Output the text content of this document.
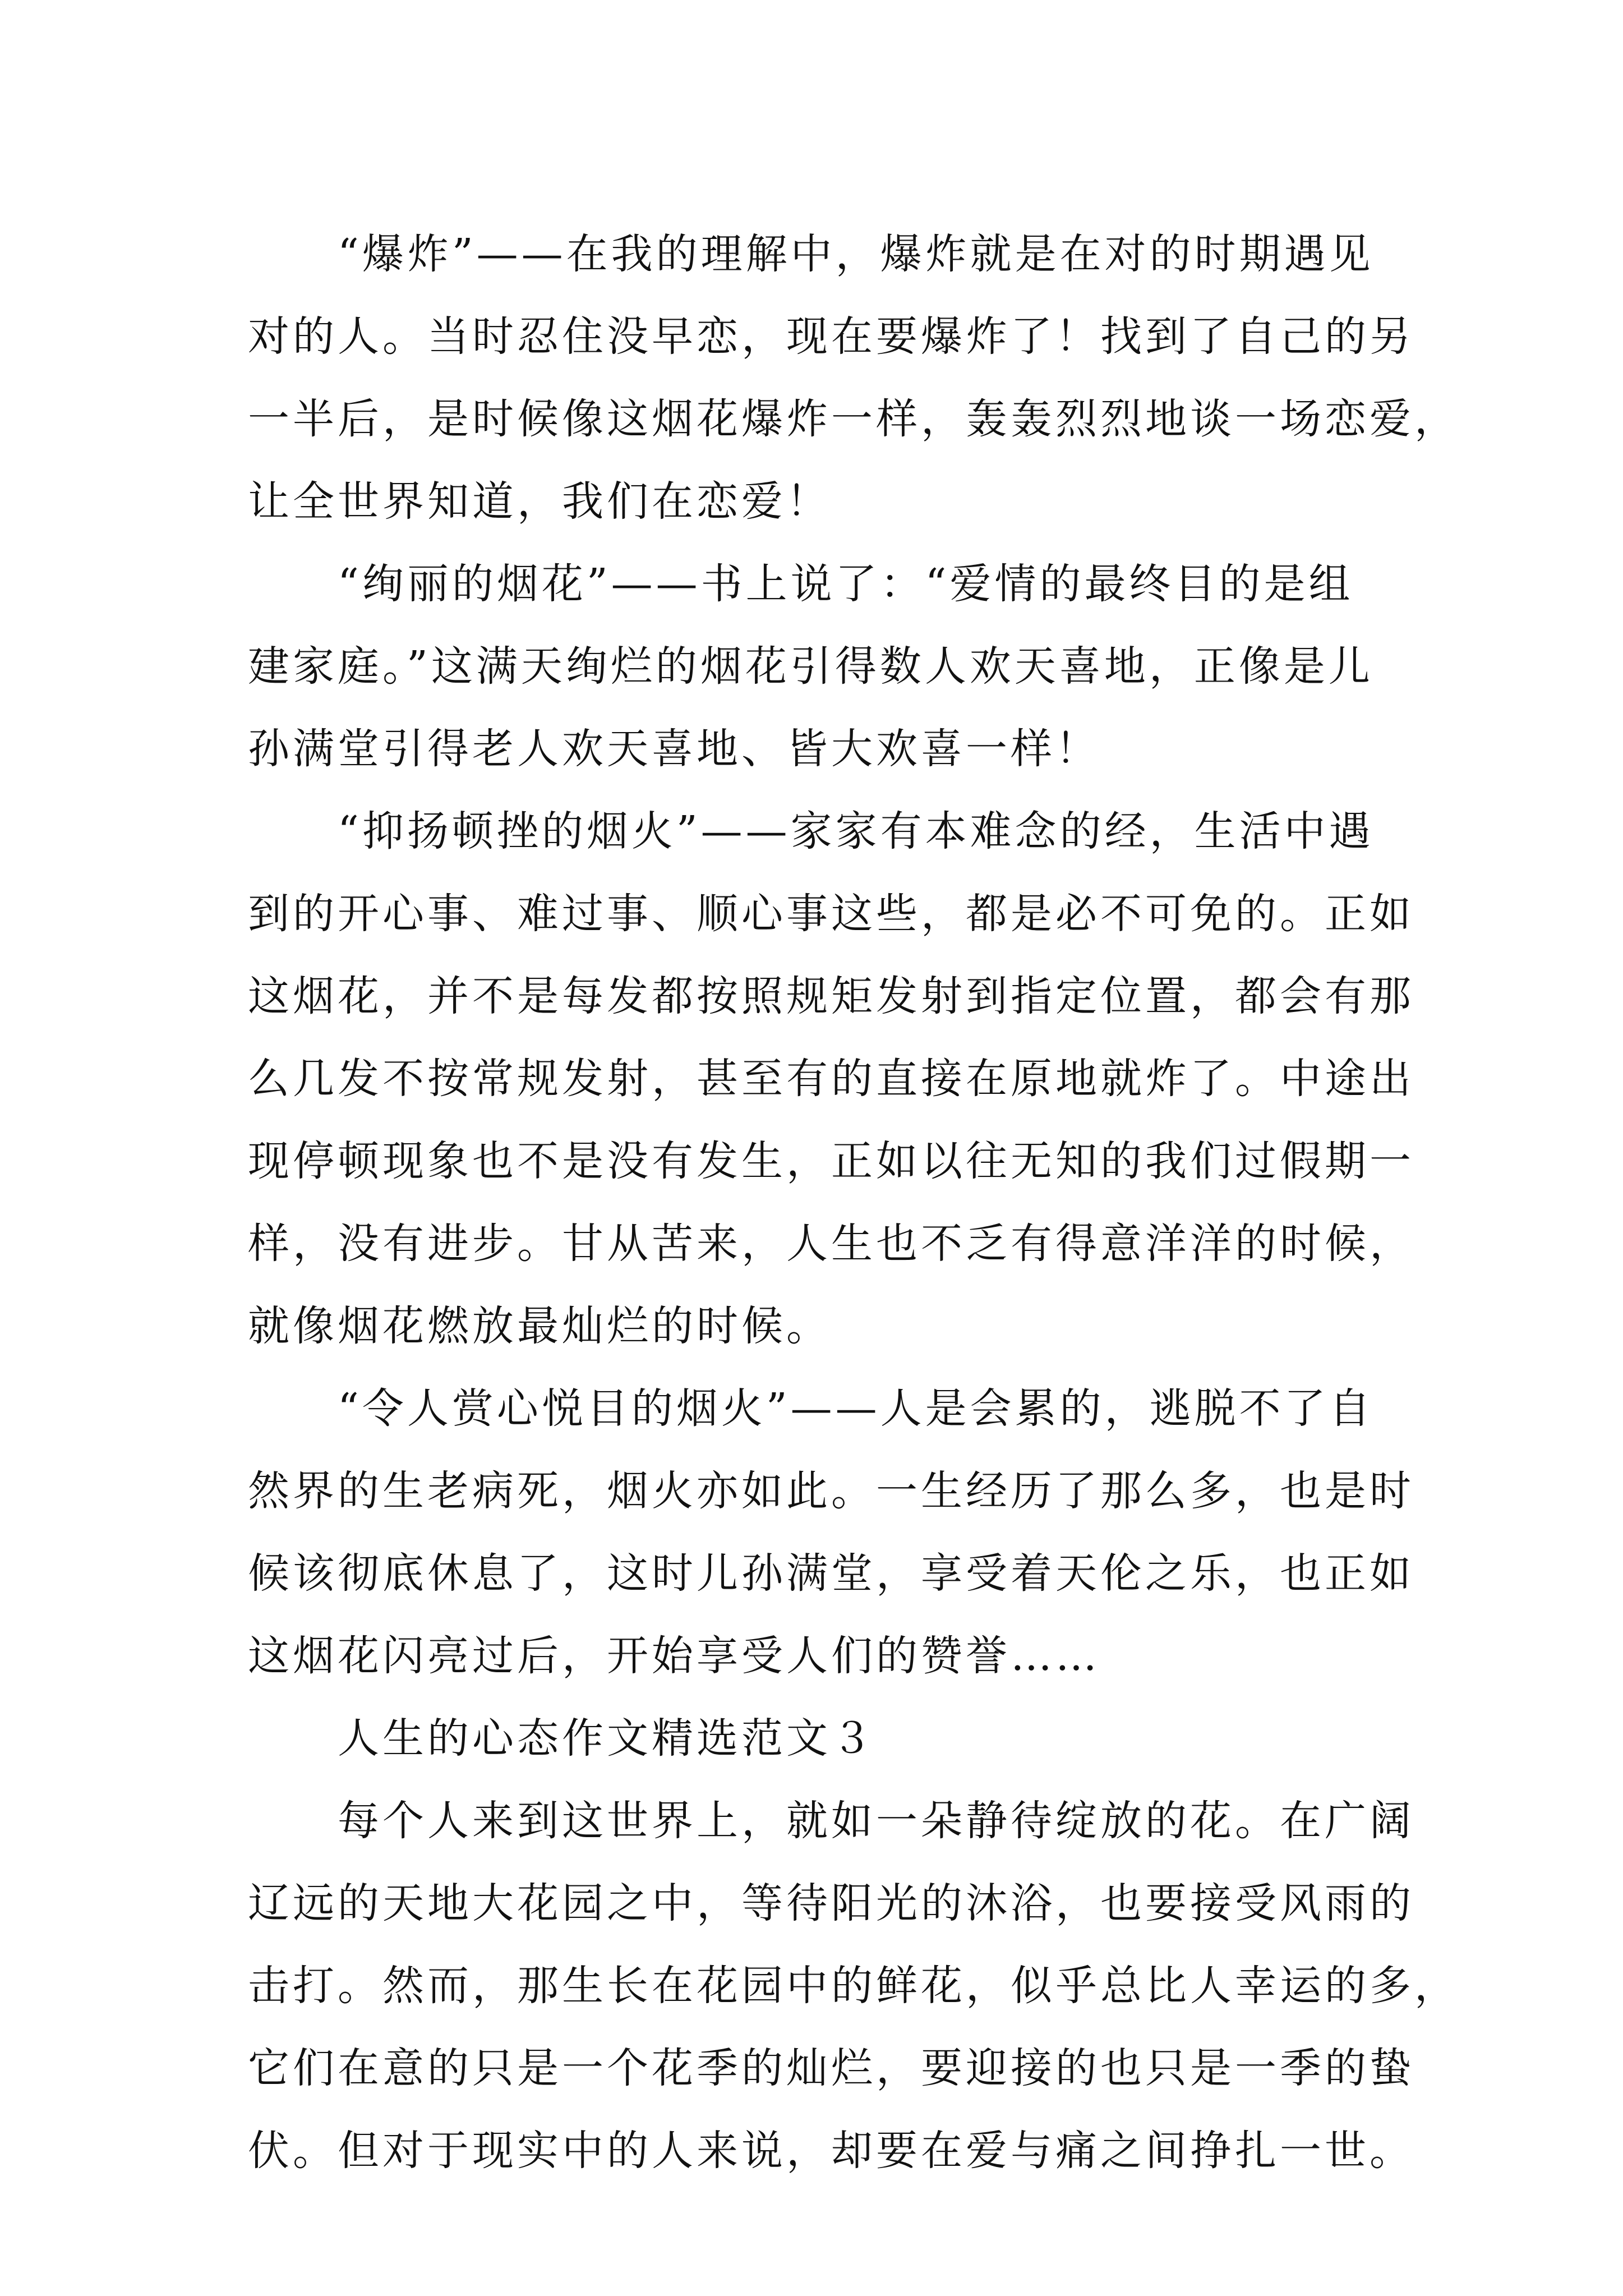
　　“爆炸”——在我的理解中，爆炸就是在对的时期遇见
对的人。当时忍住没早恋，现在要爆炸了！找到了自己的另
一半后，是时候像这烟花爆炸一样，轰轰烈烈地谈一场恋爱，
让全世界知道，我们在恋爱！
　　“绚丽的烟花”——书上说了：“爱情的最终目的是组
建家庭。”这满天绚烂的烟花引得数人欢天喜地，正像是儿
孙满堂引得老人欢天喜地、皆大欢喜一样！
　　“抑扬顿挫的烟火”——家家有本难念的经，生活中遇
到的开心事、难过事、顺心事这些，都是必不可免的。正如
这烟花，并不是每发都按照规矩发射到指定位置，都会有那
么几发不按常规发射，甚至有的直接在原地就炸了。中途出
现停顿现象也不是没有发生，正如以往无知的我们过假期一
样，没有进步。甘从苦来，人生也不乏有得意洋洋的时候，
就像烟花燃放最灿烂的时候。
　　“令人赏心悦目的烟火”——人是会累的，逃脱不了自
然界的生老病死，烟火亦如此。一生经历了那么多，也是时
候该彻底休息了，这时儿孙满堂，享受着天伦之乐，也正如
这烟花闪亮过后，开始享受人们的赞誉……
　　人生的心态作文精选范文３
　　每个人来到这世界上，就如一朵静待绽放的花。在广阔
辽远的天地大花园之中，等待阳光的沐浴，也要接受风雨的
击打。然而，那生长在花园中的鲜花，似乎总比人幸运的多，
它们在意的只是一个花季的灿烂，要迎接的也只是一季的蛰
伏。但对于现实中的人来说，却要在爱与痛之间挣扎一世。
